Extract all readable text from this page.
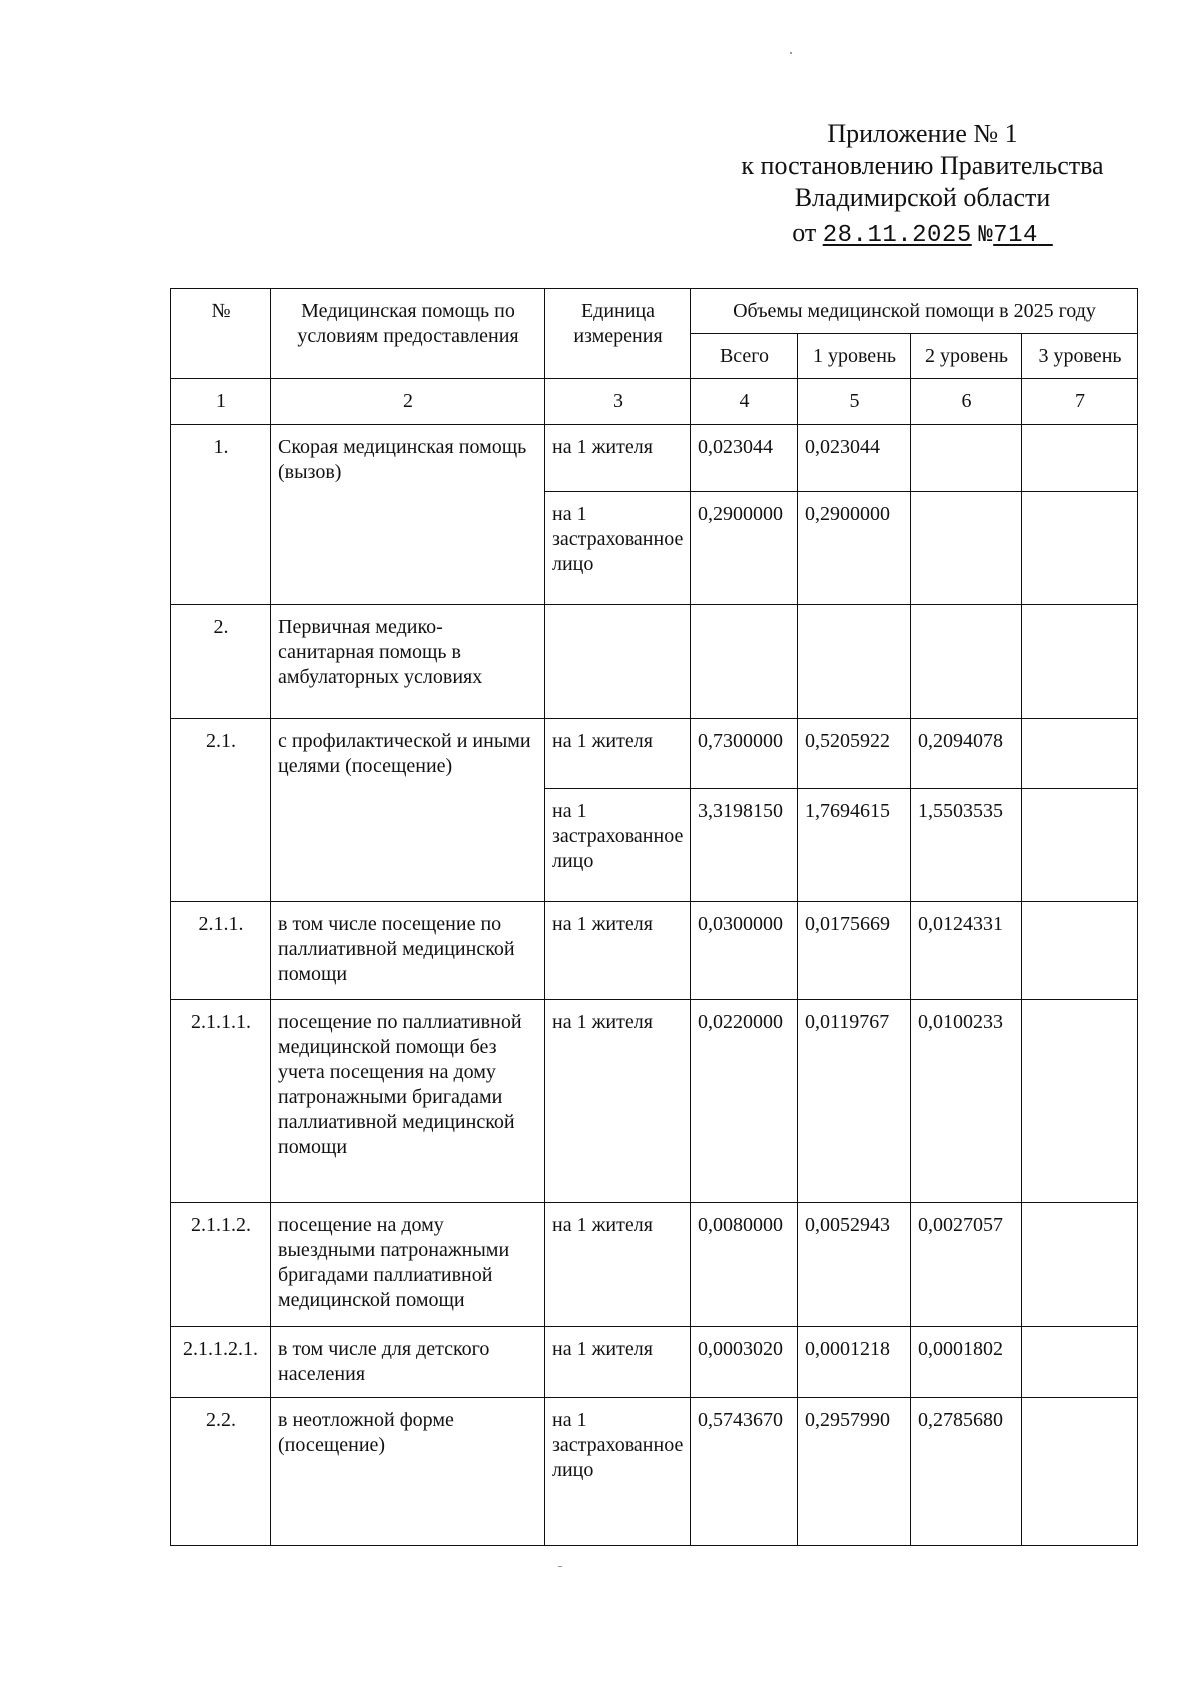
Приложение № 1
к постановлению Правительства
Владимирской области
от 28.11.2025 №714
№	Медицинская помощь по условиям предоставления	Единица измерения	Объемы медицинской помощи в 2025 году			
			Всего	1 уровень	2 уровень	3 уровень
1	2	3	4	5	6	7
1.	Скорая медицинская помощь (вызов)	на 1 жителя	0,023044	0,023044		
		на 1 застрахованное лицо	0,2900000	0,2900000		
2.	Первичная медико-санитарная помощь в амбулаторных условиях					
2.1.	с профилактической и иными целями (посещение)	на 1 жителя	0,7300000	0,5205922	0,2094078	
		на 1 застрахованное лицо	3,3198150	1,7694615	1,5503535	
2.1.1.	в том числе посещение по паллиативной медицинской помощи	на 1 жителя	0,0300000	0,0175669	0,0124331	
2.1.1.1.	посещение по паллиативной медицинской помощи без учета посещения на дому патронажными бригадами паллиативной медицинской помощи	на 1 жителя	0,0220000	0,0119767	0,0100233	
2.1.1.2.	посещение на дому выездными патронажными бригадами паллиативной медицинской помощи	на 1 жителя	0,0080000	0,0052943	0,0027057	
2.1.1.2.1.	в том числе для детского населения	на 1 жителя	0,0003020	0,0001218	0,0001802	
2.2.	в неотложной форме (посещение)	на 1 застрахованное лицо	0,5743670	0,2957990	0,2785680	
